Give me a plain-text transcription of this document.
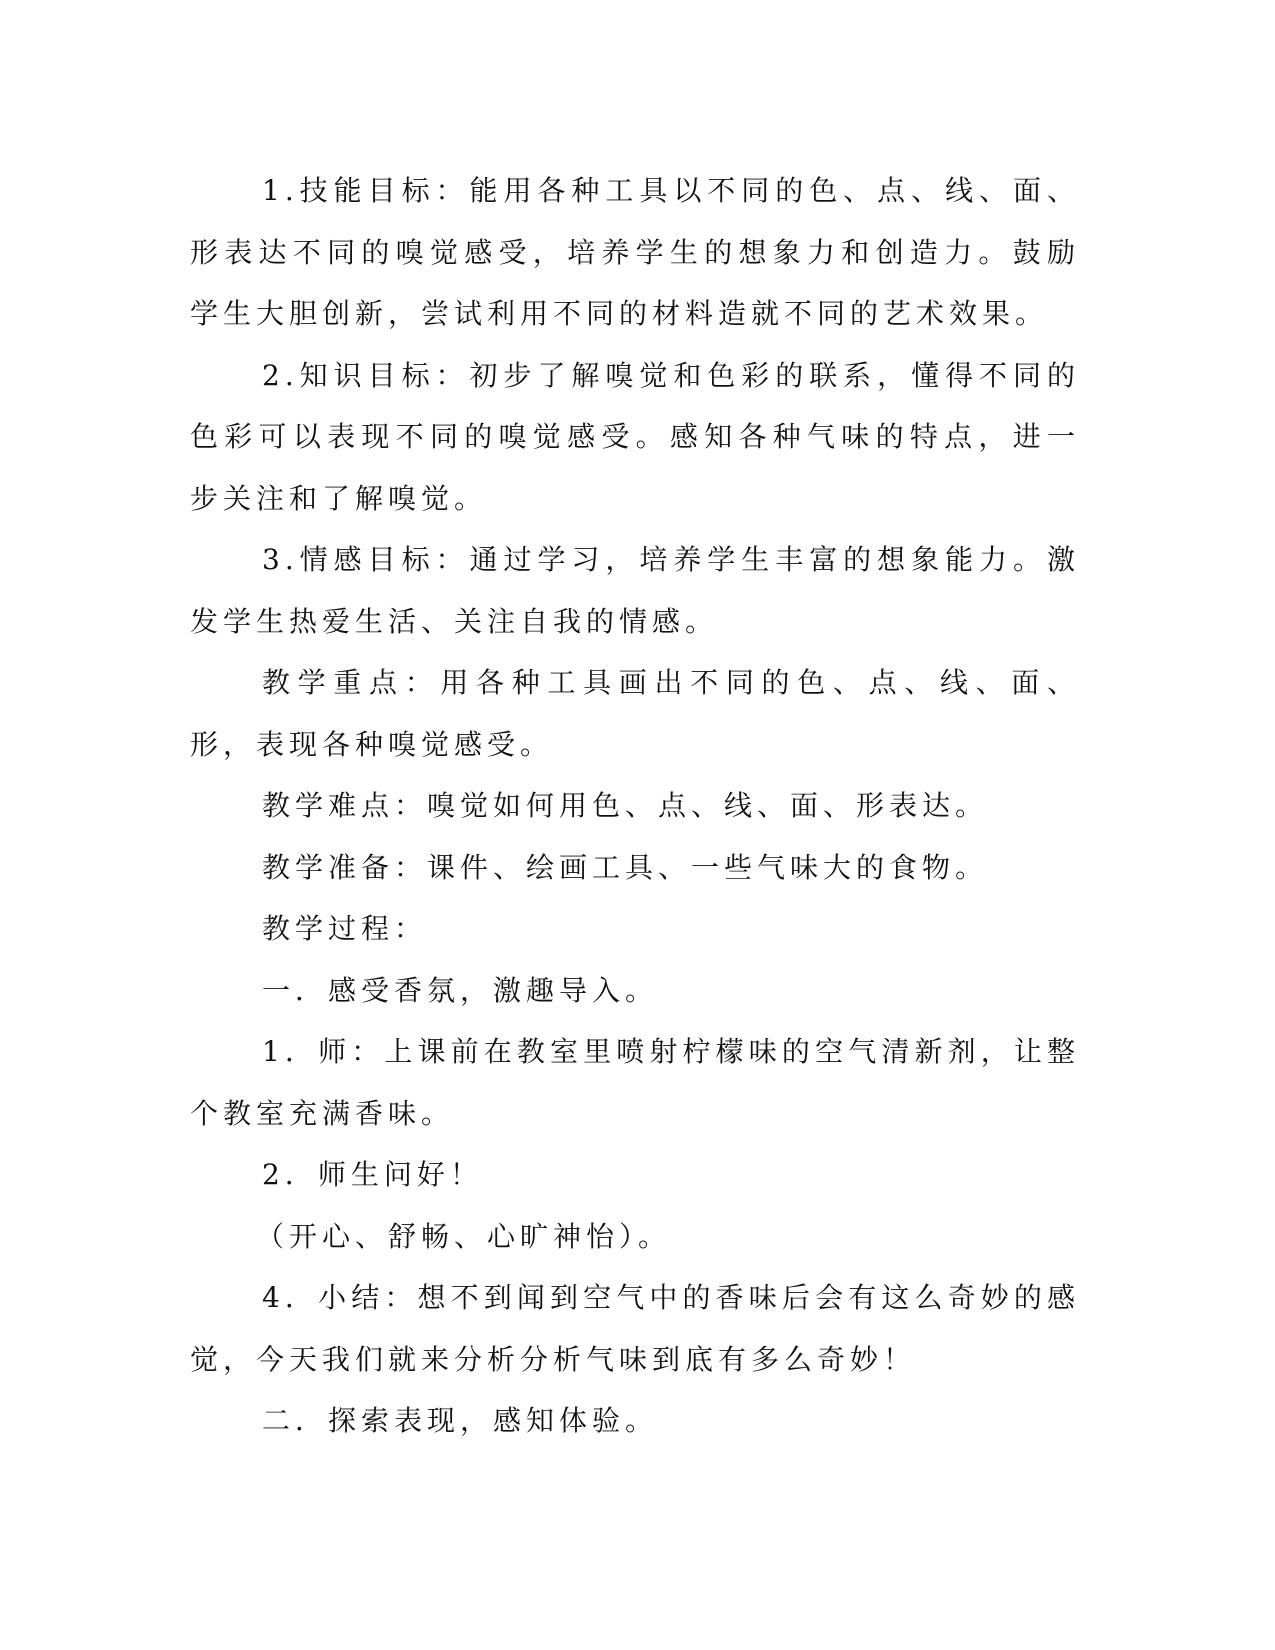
1.技能目标：能用各种工具以不同的色、点、线、面、形表达不同的嗅觉感受，培养学生的想象力和创造力。鼓励学生大胆创新，尝试利用不同的材料造就不同的艺术效果。

2.知识目标：初步了解嗅觉和色彩的联系，懂得不同的色彩可以表现不同的嗅觉感受。感知各种气味的特点，进一步关注和了解嗅觉。

3.情感目标：通过学习，培养学生丰富的想象能力。激发学生热爱生活、关注自我的情感。

教学重点：用各种工具画出不同的色、点、线、面、形，表现各种嗅觉感受。

教学难点：嗅觉如何用色、点、线、面、形表达。

教学准备：课件、绘画工具、一些气味大的食物。

教学过程：

一．感受香氛，激趣导入。

1．师：上课前在教室里喷射柠檬味的空气清新剂，让整个教室充满香味。

2．师生问好！

（开心、舒畅、心旷神怡）。

4．小结：想不到闻到空气中的香味后会有这么奇妙的感觉，今天我们就来分析分析气味到底有多么奇妙！

二．探索表现，感知体验。
